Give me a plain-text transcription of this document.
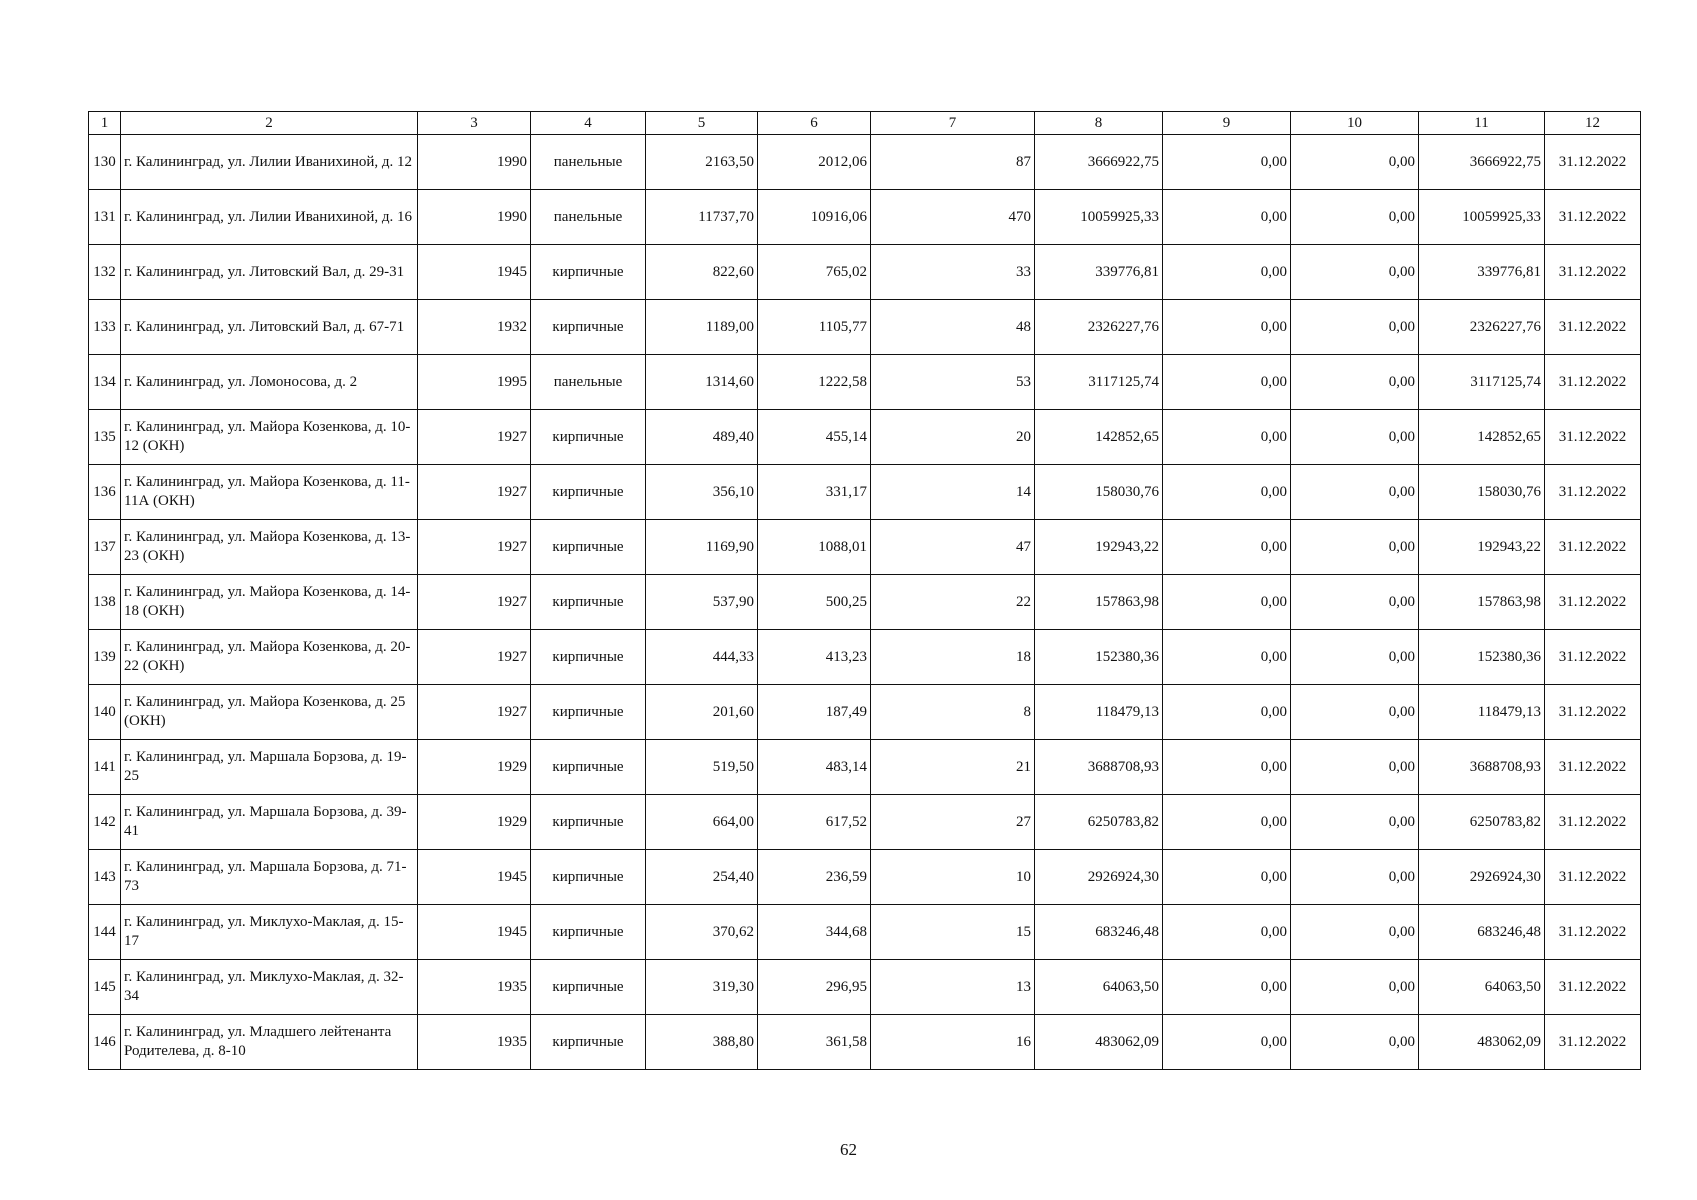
1	2	3	4	5	6	7	8	9	10	11	12
130	г. Калининград, ул. Лилии Иванихиной, д. 12	1990	панельные	2163,50	2012,06	87	3666922,75	0,00	0,00	3666922,75	31.12.2022
131	г. Калининград, ул. Лилии Иванихиной, д. 16	1990	панельные	11737,70	10916,06	470	10059925,33	0,00	0,00	10059925,33	31.12.2022
132	г. Калининград, ул. Литовский Вал, д. 29-31	1945	кирпичные	822,60	765,02	33	339776,81	0,00	0,00	339776,81	31.12.2022
133	г. Калининград, ул. Литовский Вал, д. 67-71	1932	кирпичные	1189,00	1105,77	48	2326227,76	0,00	0,00	2326227,76	31.12.2022
134	г. Калининград, ул. Ломоносова, д. 2	1995	панельные	1314,60	1222,58	53	3117125,74	0,00	0,00	3117125,74	31.12.2022
135	г. Калининград, ул. Майора Козенкова, д. 10-12 (ОКН)	1927	кирпичные	489,40	455,14	20	142852,65	0,00	0,00	142852,65	31.12.2022
136	г. Калининград, ул. Майора Козенкова, д. 11-11А (ОКН)	1927	кирпичные	356,10	331,17	14	158030,76	0,00	0,00	158030,76	31.12.2022
137	г. Калининград, ул. Майора Козенкова, д. 13-23 (ОКН)	1927	кирпичные	1169,90	1088,01	47	192943,22	0,00	0,00	192943,22	31.12.2022
138	г. Калининград, ул. Майора Козенкова, д. 14-18 (ОКН)	1927	кирпичные	537,90	500,25	22	157863,98	0,00	0,00	157863,98	31.12.2022
139	г. Калининград, ул. Майора Козенкова, д. 20-22 (ОКН)	1927	кирпичные	444,33	413,23	18	152380,36	0,00	0,00	152380,36	31.12.2022
140	г. Калининград, ул. Майора Козенкова, д. 25 (ОКН)	1927	кирпичные	201,60	187,49	8	118479,13	0,00	0,00	118479,13	31.12.2022
141	г. Калининград, ул. Маршала Борзова, д. 19-25	1929	кирпичные	519,50	483,14	21	3688708,93	0,00	0,00	3688708,93	31.12.2022
142	г. Калининград, ул. Маршала Борзова, д. 39-41	1929	кирпичные	664,00	617,52	27	6250783,82	0,00	0,00	6250783,82	31.12.2022
143	г. Калининград, ул. Маршала Борзова, д. 71-73	1945	кирпичные	254,40	236,59	10	2926924,30	0,00	0,00	2926924,30	31.12.2022
144	г. Калининград, ул. Миклухо-Маклая, д. 15-17	1945	кирпичные	370,62	344,68	15	683246,48	0,00	0,00	683246,48	31.12.2022
145	г. Калининград, ул. Миклухо-Маклая, д. 32-34	1935	кирпичные	319,30	296,95	13	64063,50	0,00	0,00	64063,50	31.12.2022
146	г. Калининград, ул. Младшего лейтенанта Родителева, д. 8-10	1935	кирпичные	388,80	361,58	16	483062,09	0,00	0,00	483062,09	31.12.2022
62
